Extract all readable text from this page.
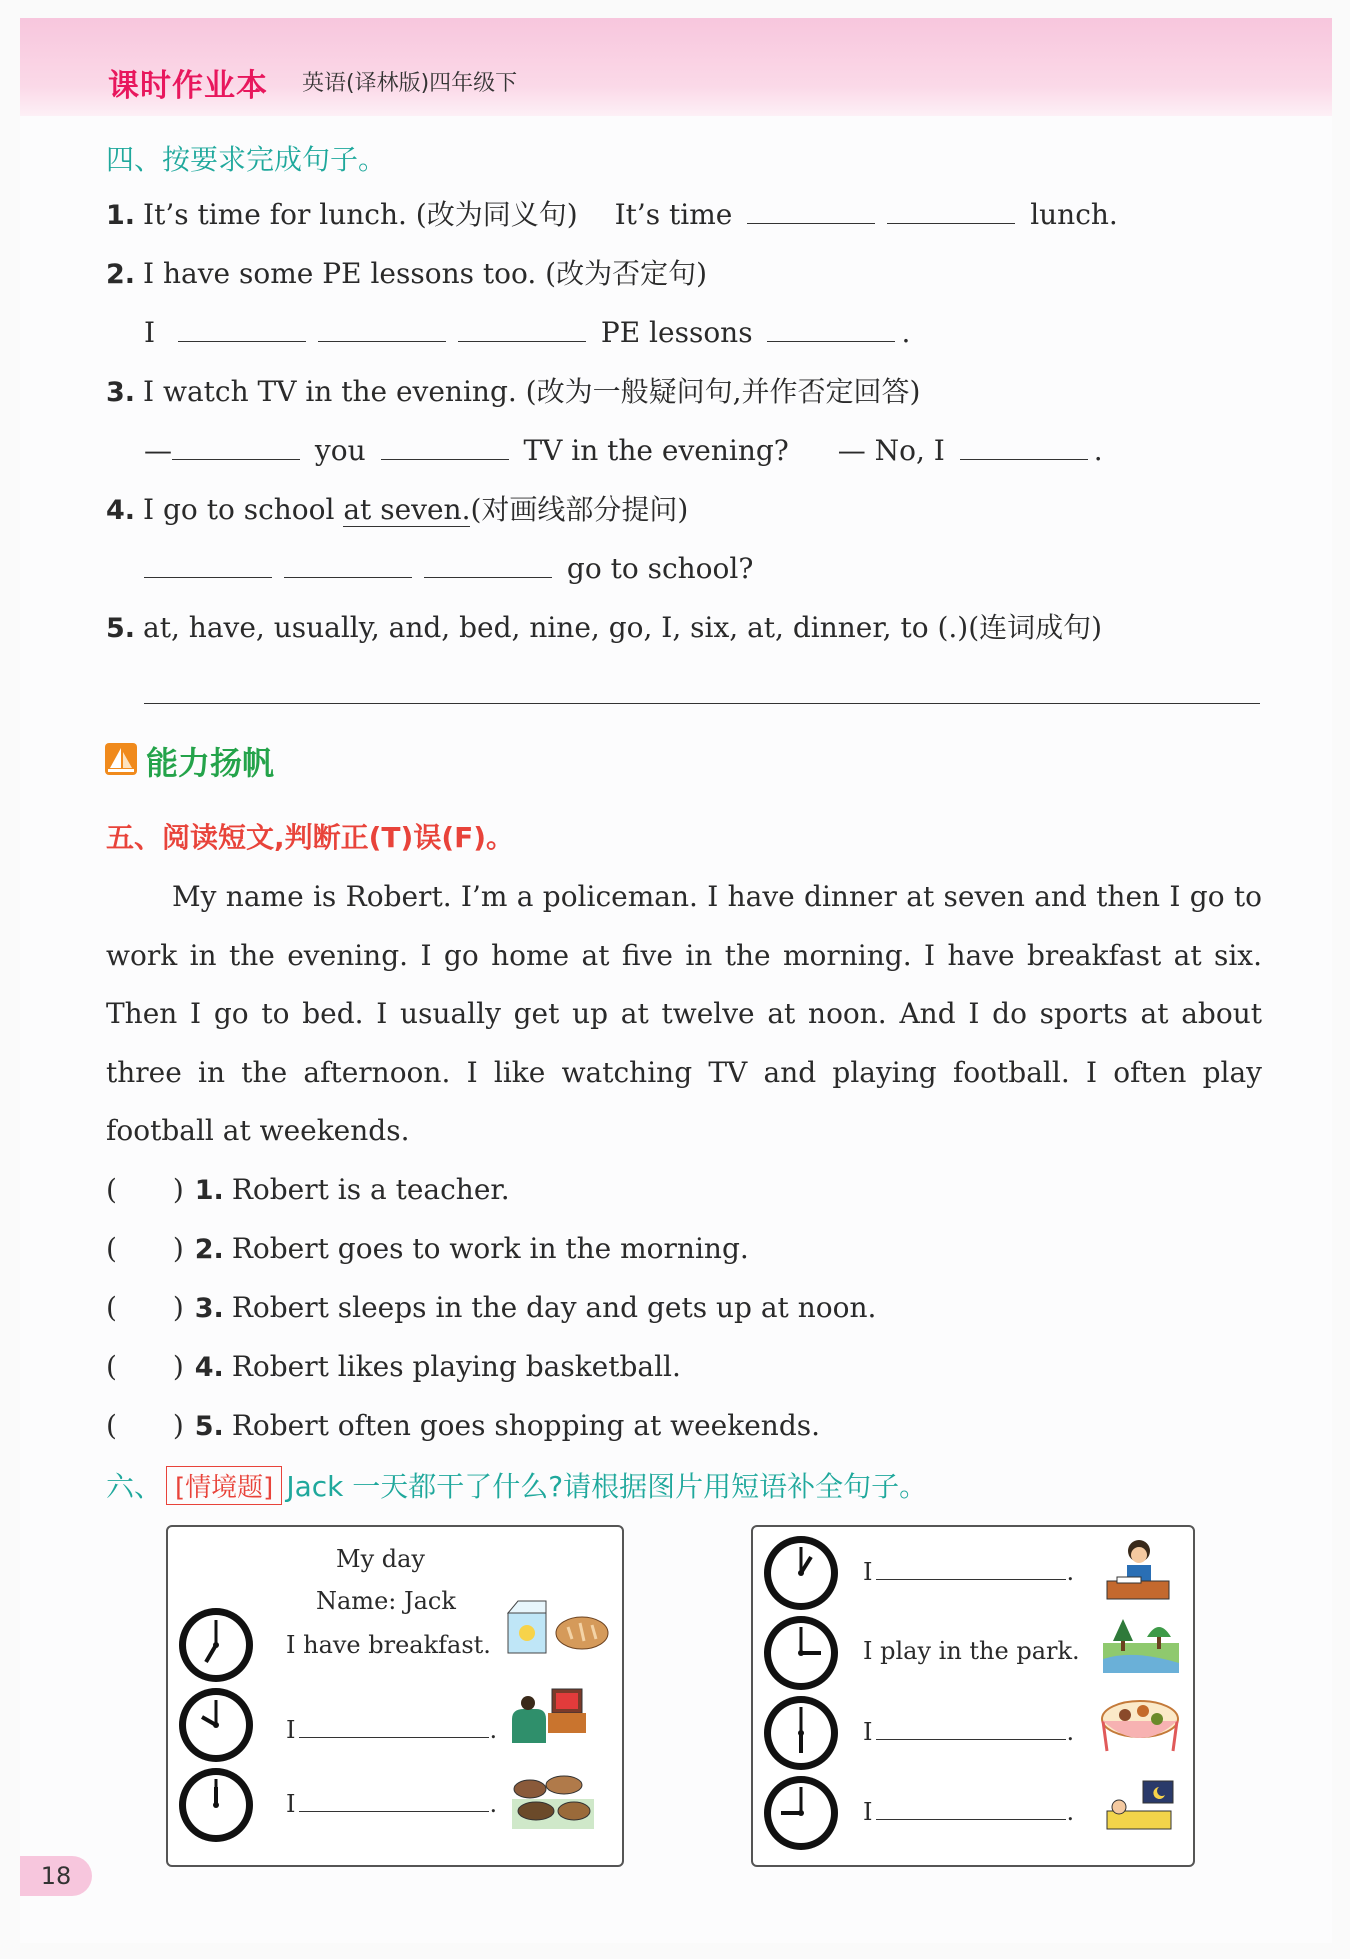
课时作业本 英语(译林版)四年级下
四、按要求完成句子。
1. It’s time for lunch. (改为同义句) It’s time	lunch.
2. I have some PE lessons too. (改为否定句)
I	PE lessons	.
3. I watch TV in the evening. (改为一般疑问句,并作否定回答)
—	you	TV in the evening? — No, I	.
4. I go to school at seven.(对画线部分提问)
go to school?
5. at, have, usually, and, bed, nine, go, I, six, at, dinner, to (.)(连词成句)
能力扬帆
五、阅读短文,判断正(T)误(F)。
My name is Robert. I’m a policeman. I have dinner at seven and then I go to work in the evening. I go home at five in the morning. I have breakfast at six. Then I go to bed. I usually get up at twelve at noon. And I do sports at about three in the afternoon. I like watching TV and playing football. I often play football at weekends.
(　　) 1. Robert is a teacher.
(　　) 2. Robert goes to work in the morning.
(　　) 3. Robert sleeps in the day and gets up at noon.
(　　) 4. Robert likes playing basketball.
(　　) 5. Robert often goes shopping at weekends.
六、 [情境题] Jack 一天都干了什么?请根据图片用短语补全句子。
My day
Name: Jack
I have breakfast.
I	.
I	.
I	.
I play in the park.
I	.
I	.
18
